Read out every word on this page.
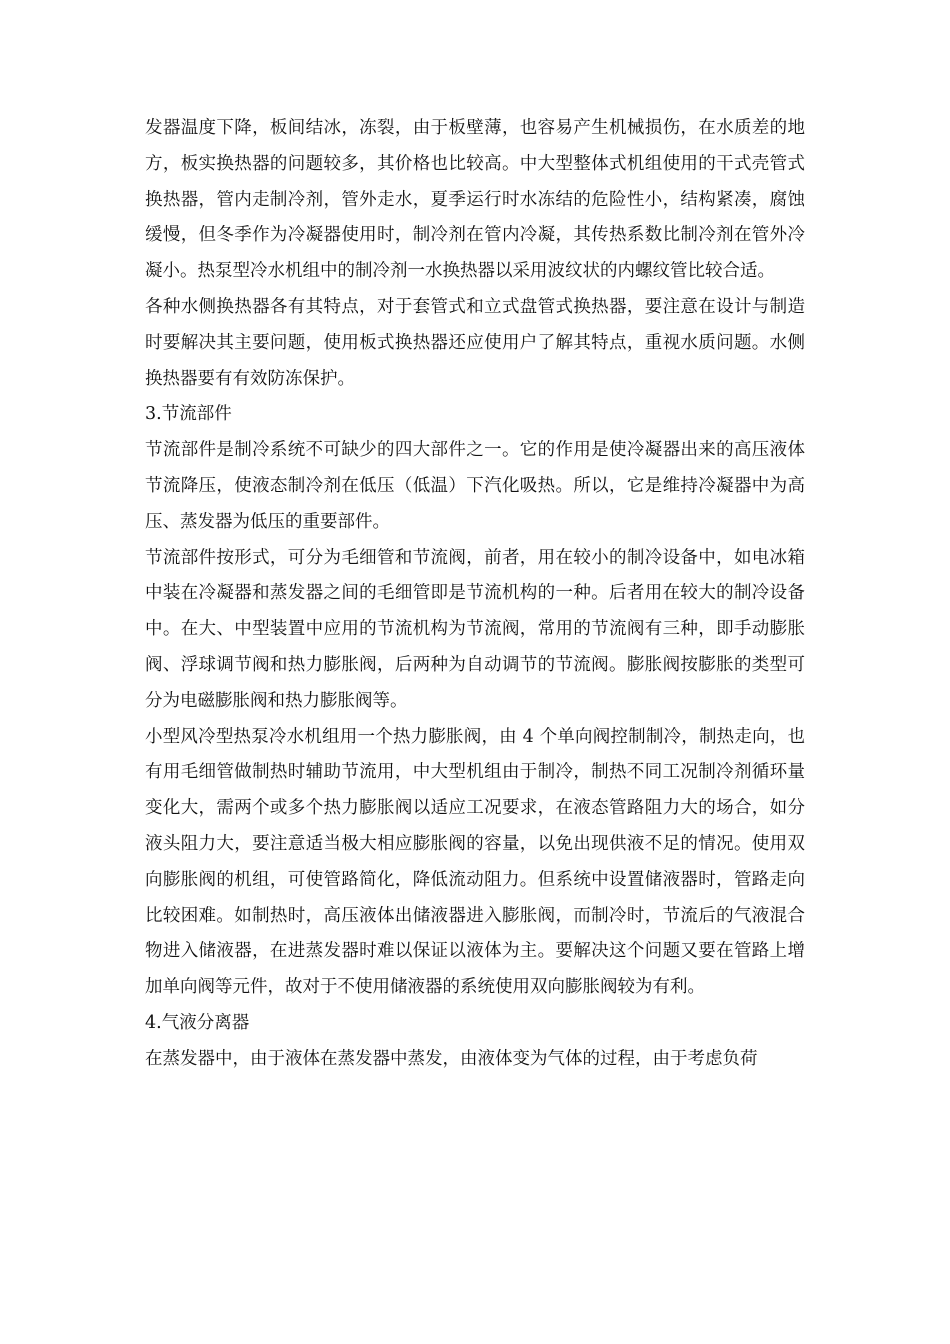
发器温度下降，板间结冰，冻裂，由于板壁薄，也容易产生机械损伤，在水质差的地方，板实换热器的问题较多，其价格也比较高。中大型整体式机组使用的干式壳管式换热器，管内走制冷剂，管外走水，夏季运行时水冻结的危险性小，结构紧凑，腐蚀缓慢，但冬季作为冷凝器使用时，制冷剂在管内冷凝，其传热系数比制冷剂在管外冷凝小。热泵型冷水机组中的制冷剂一水换热器以采用波纹状的内螺纹管比较合适。

各种水侧换热器各有其特点，对于套管式和立式盘管式换热器，要注意在设计与制造时要解决其主要问题，使用板式换热器还应使用户了解其特点，重视水质问题。水侧换热器要有有效防冻保护。

3.节流部件

节流部件是制冷系统不可缺少的四大部件之一。它的作用是使冷凝器出来的高压液体节流降压，使液态制冷剂在低压（低温）下汽化吸热。所以，它是维持冷凝器中为高压、蒸发器为低压的重要部件。

节流部件按形式，可分为毛细管和节流阀，前者，用在较小的制冷设备中，如电冰箱中装在冷凝器和蒸发器之间的毛细管即是节流机构的一种。后者用在较大的制冷设备中。在大、中型装置中应用的节流机构为节流阀，常用的节流阀有三种，即手动膨胀阀、浮球调节阀和热力膨胀阀，后两种为自动调节的节流阀。膨胀阀按膨胀的类型可分为电磁膨胀阀和热力膨胀阀等。

小型风冷型热泵冷水机组用一个热力膨胀阀，由 4 个单向阀控制制冷，制热走向，也有用毛细管做制热时辅助节流用，中大型机组由于制冷，制热不同工况制冷剂循环量变化大，需两个或多个热力膨胀阀以适应工况要求，在液态管路阻力大的场合，如分液头阻力大，要注意适当极大相应膨胀阀的容量，以免出现供液不足的情况。使用双向膨胀阀的机组，可使管路简化，降低流动阻力。但系统中设置储液器时，管路走向比较困难。如制热时，高压液体出储液器进入膨胀阀，而制冷时，节流后的气液混合物进入储液器，在进蒸发器时难以保证以液体为主。要解决这个问题又要在管路上增加单向阀等元件，故对于不使用储液器的系统使用双向膨胀阀较为有利。

4.气液分离器

在蒸发器中，由于液体在蒸发器中蒸发，由液体变为气体的过程，由于考虑负荷
